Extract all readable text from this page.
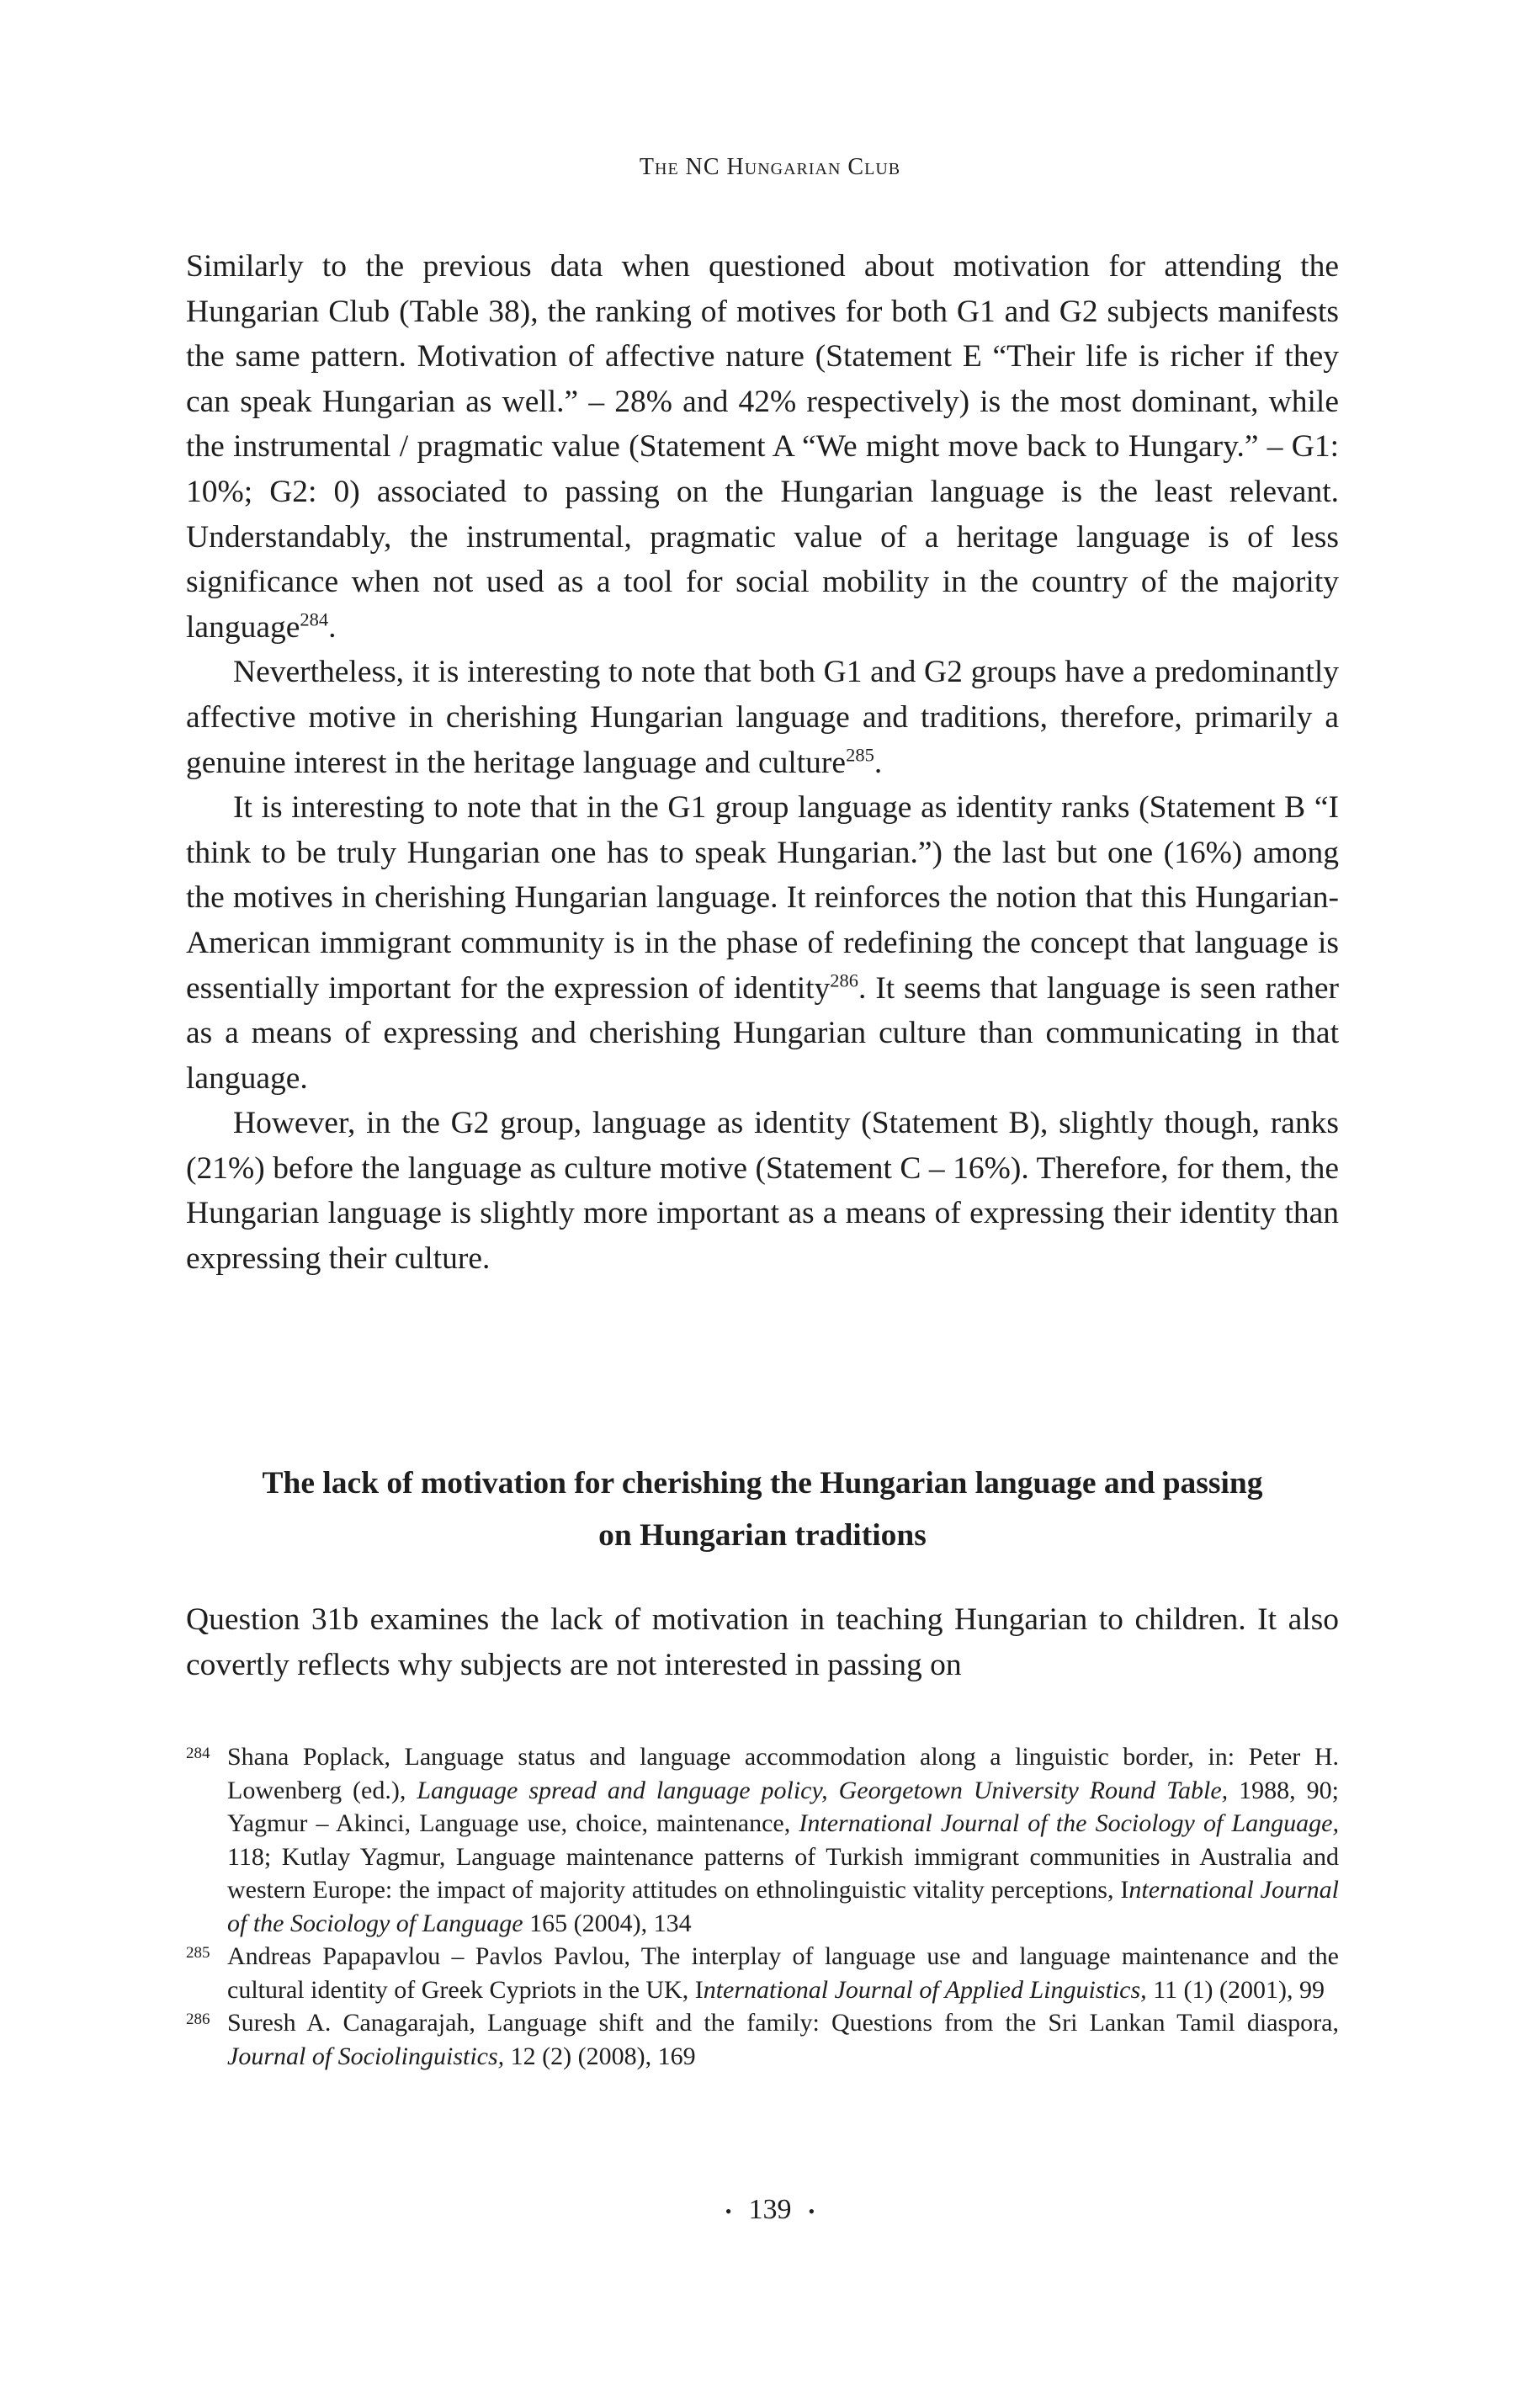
The NC Hungarian Club

Similarly to the previous data when questioned about motivation for attending the Hungarian Club (Table 38), the ranking of motives for both G1 and G2 subjects manifests the same pattern. Motivation of affective nature (Statement E “Their life is richer if they can speak Hungarian as well.” – 28% and 42% respectively) is the most dominant, while the instrumental / pragmatic value (Statement A “We might move back to Hungary.” – G1: 10%; G2: 0) associated to passing on the Hungarian language is the least relevant. Understandably, the instrumental, pragmatic value of a heritage language is of less significance when not used as a tool for social mobility in the country of the majority language$^{284}$.

Nevertheless, it is interesting to note that both G1 and G2 groups have a predominantly affective motive in cherishing Hungarian language and traditions, therefore, primarily a genuine interest in the heritage language and culture$^{285}$.

It is interesting to note that in the G1 group language as identity ranks (Statement B “I think to be truly Hungarian one has to speak Hungarian.”) the last but one (16%) among the motives in cherishing Hungarian language. It reinforces the notion that this Hungarian-American immigrant community is in the phase of redefining the concept that language is essentially important for the expression of identity$^{286}$. It seems that language is seen rather as a means of expressing and cherishing Hungarian culture than communicating in that language.

However, in the G2 group, language as identity (Statement B), slightly though, ranks (21%) before the language as culture motive (Statement C – 16%). Therefore, for them, the Hungarian language is slightly more important as a means of expressing their identity than expressing their culture.

The lack of motivation for cherishing the Hungarian language and passing
on Hungarian traditions

Question 31b examines the lack of motivation in teaching Hungarian to children. It also covertly reflects why subjects are not interested in passing on

284 Shana Poplack, Language status and language accommodation along a linguistic border, in: Peter H. Lowenberg (ed.), Language spread and language policy, Georgetown University Round Table, 1988, 90; Yagmur – Akinci, Language use, choice, maintenance, International Journal of the Sociology of Language, 118; Kutlay Yagmur, Language maintenance patterns of Turkish immigrant communities in Australia and western Europe: the impact of majority attitudes on ethnolinguistic vitality perceptions, International Journal of the Sociology of Language 165 (2004), 134

285 Andreas Papapavlou – Pavlos Pavlou, The interplay of language use and language maintenance and the cultural identity of Greek Cypriots in the UK, International Journal of Applied Linguistics, 11 (1) (2001), 99

286 Suresh A. Canagarajah, Language shift and the family: Questions from the Sri Lankan Tamil diaspora, Journal of Sociolinguistics, 12 (2) (2008), 169

• 139 •
